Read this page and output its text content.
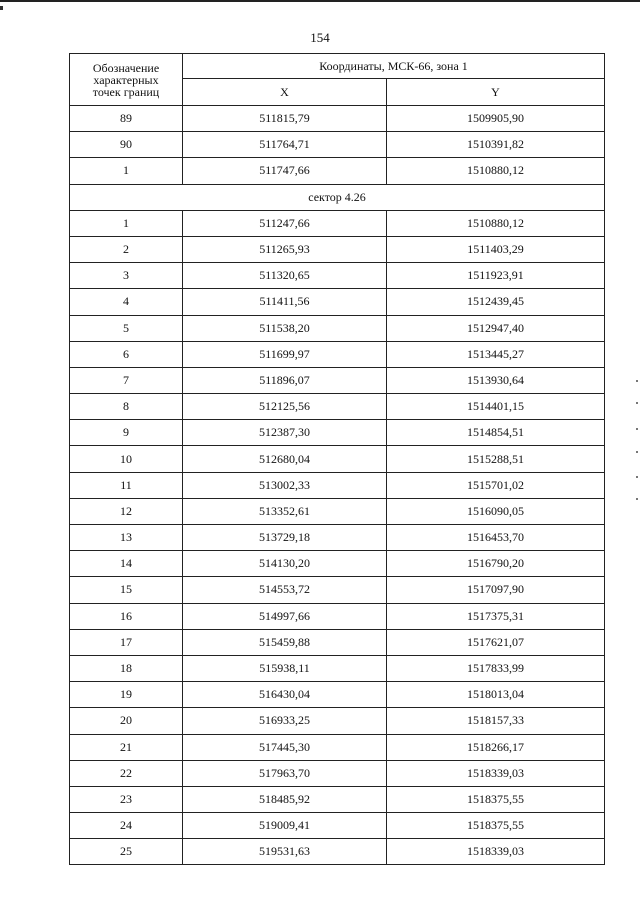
154
Обозначение
характерных
точек границ	Координаты, МСК-66, зона 1	
	X	Y
89	511815,79	1509905,90
90	511764,71	1510391,82
1	511747,66	1510880,12
сектор 4.26		
1	511247,66	1510880,12
2	511265,93	1511403,29
3	511320,65	1511923,91
4	511411,56	1512439,45
5	511538,20	1512947,40
6	511699,97	1513445,27
7	511896,07	1513930,64
8	512125,56	1514401,15
9	512387,30	1514854,51
10	512680,04	1515288,51
11	513002,33	1515701,02
12	513352,61	1516090,05
13	513729,18	1516453,70
14	514130,20	1516790,20
15	514553,72	1517097,90
16	514997,66	1517375,31
17	515459,88	1517621,07
18	515938,11	1517833,99
19	516430,04	1518013,04
20	516933,25	1518157,33
21	517445,30	1518266,17
22	517963,70	1518339,03
23	518485,92	1518375,55
24	519009,41	1518375,55
25	519531,63	1518339,03
